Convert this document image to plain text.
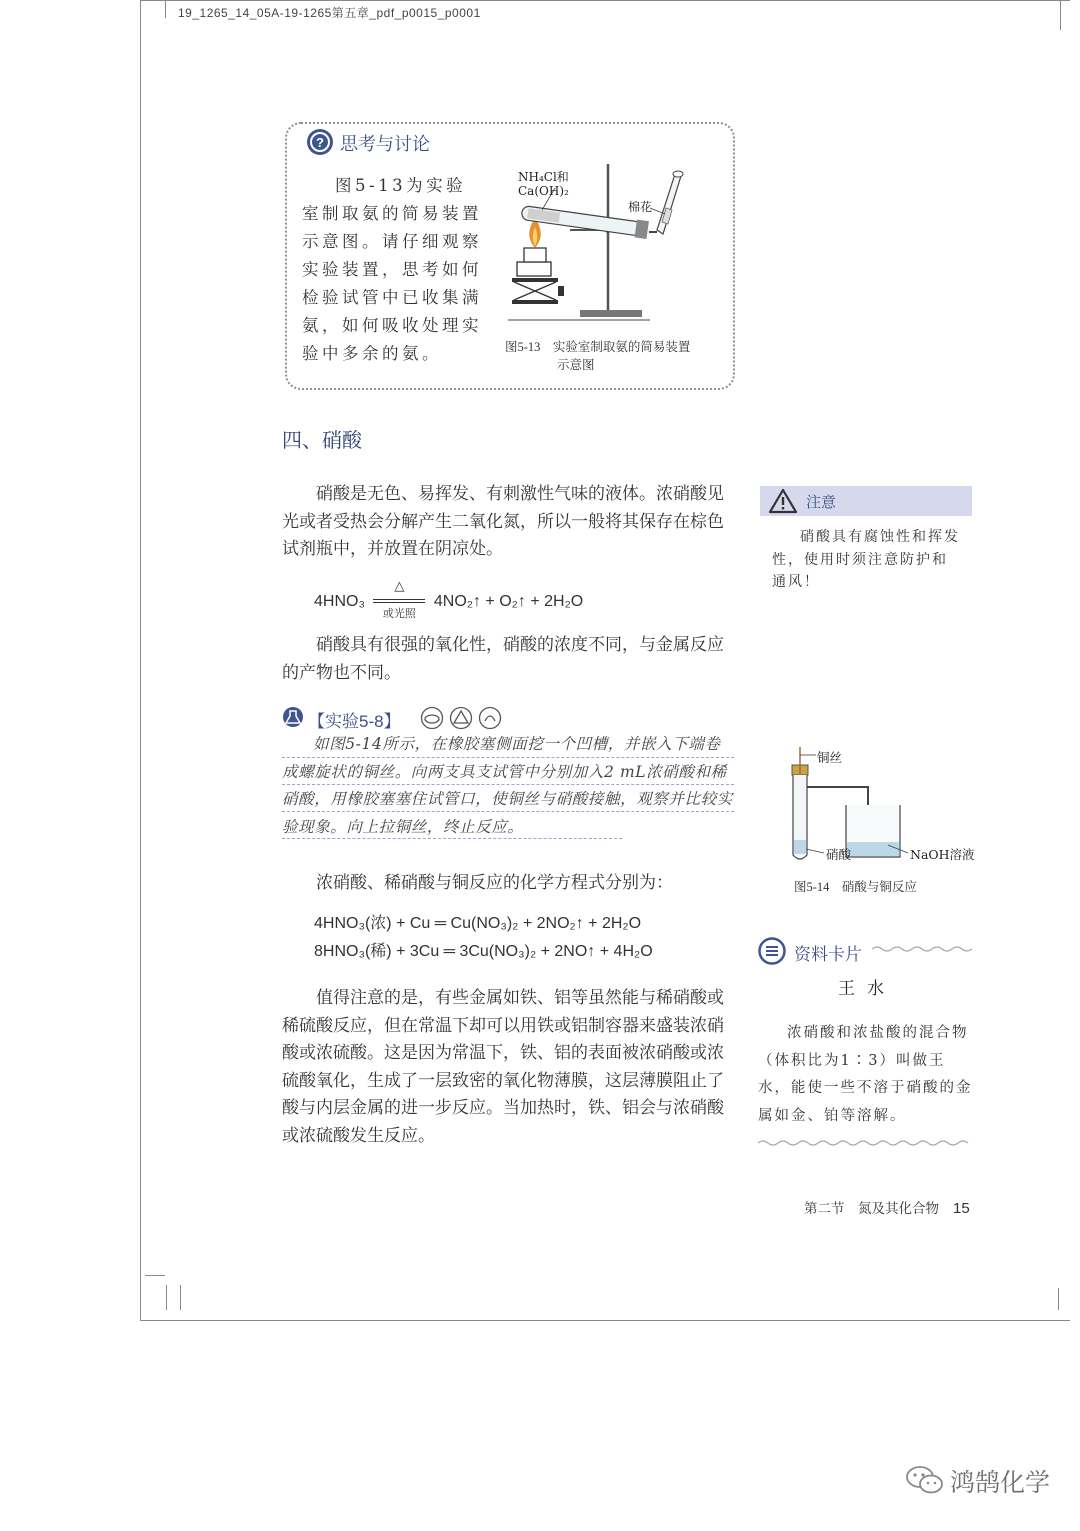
19_1265_14_05A-19-1265第五章_pdf_p0015_p0001
? 思考与讨论

图5-13为实验室制取氨的简易装置示意图。请仔细观察实验装置，思考如何检验试管中已收集满氨，如何吸收处理实验中多余的氨。

NH₄Cl和
Ca(OH)₂
棉花
图5-13　实验室制取氨的简易装置
示意图
四、硝酸

硝酸是无色、易挥发、有刺激性气味的液体。浓硝酸见光或者受热会分解产生二氧化氮，所以一般将其保存在棕色试剂瓶中，并放置在阴凉处。

4HNO₃
△
或光照
4NO₂↑ + O₂↑ + 2H₂O

硝酸具有很强的氧化性，硝酸的浓度不同，与金属反应的产物也不同。

注意

硝酸具有腐蚀性和挥发性，使用时须注意防护和通风！

【实验5-8】

如图5-14所示，在橡胶塞侧面挖一个凹槽，并嵌入下端卷成螺旋状的铜丝。向两支具支试管中分别加入2 mL浓硝酸和稀硝酸，用橡胶塞塞住试管口，使铜丝与硝酸接触，观察并比较实验现象。向上拉铜丝，终止反应。

铜丝
硝酸	NaOH溶液
图5-14　硝酸与铜反应

浓硝酸、稀硝酸与铜反应的化学方程式分别为：

4HNO₃(浓) + Cu ═ Cu(NO₃)₂ + 2NO₂↑ + 2H₂O
8HNO₃(稀) + 3Cu ═ 3Cu(NO₃)₂ + 2NO↑ + 4H₂O

值得注意的是，有些金属如铁、铝等虽然能与稀硝酸或稀硫酸反应，但在常温下却可以用铁或铝制容器来盛装浓硝酸或浓硫酸。这是因为常温下，铁、铝的表面被浓硝酸或浓硫酸氧化，生成了一层致密的氧化物薄膜，这层薄膜阻止了酸与内层金属的进一步反应。当加热时，铁、铝会与浓硝酸或浓硫酸发生反应。

资料卡片
王水

浓硝酸和浓盐酸的混合物（体积比为1∶3）叫做王水，能使一些不溶于硝酸的金属如金、铂等溶解。

第二节　氮及其化合物 15
鸿鹄化学
